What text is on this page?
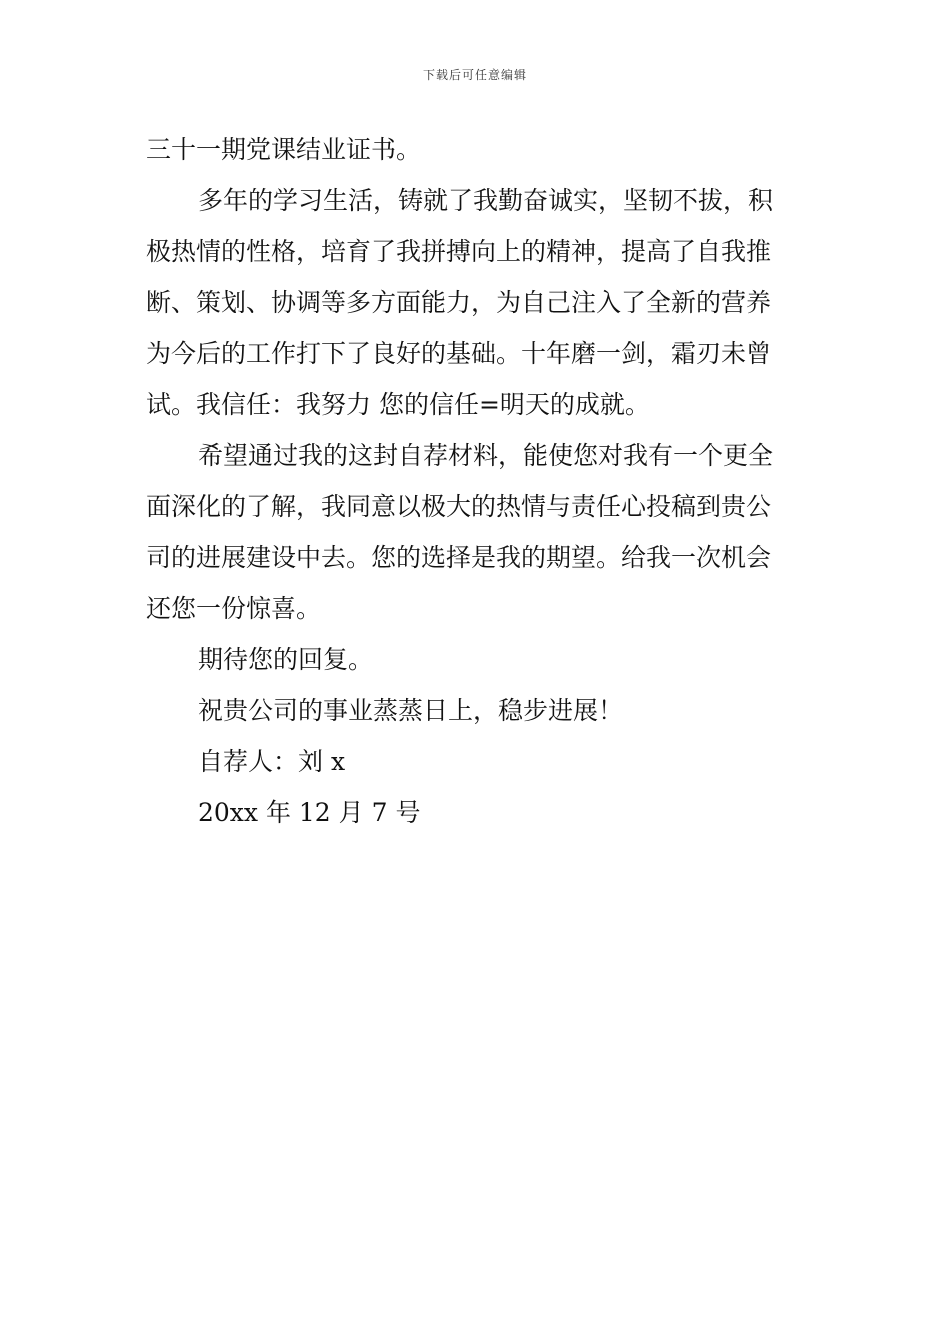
下载后可任意编辑

三十一期党课结业证书。

多年的学习生活，铸就了我勤奋诚实，坚韧不拔，积

极热情的性格，培育了我拼搏向上的精神，提高了自我推

断、策划、协调等多方面能力，为自己注入了全新的营养

为今后的工作打下了良好的基础。十年磨一剑，霜刃未曾

试。我信任：我努力 您的信任=明天的成就。

希望通过我的这封自荐材料，能使您对我有一个更全

面深化的了解，我同意以极大的热情与责任心投稿到贵公

司的进展建设中去。您的选择是我的期望。给我一次机会

还您一份惊喜。

期待您的回复。

祝贵公司的事业蒸蒸日上，稳步进展！

自荐人：刘 x

20xx 年 12 月 7 号
